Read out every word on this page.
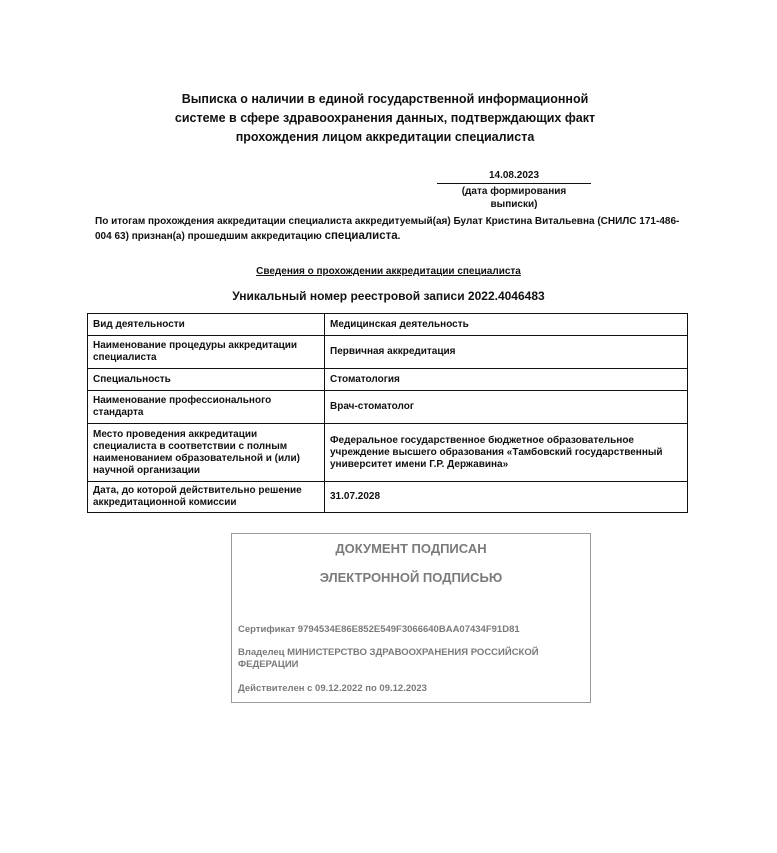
Выписка о наличии в единой государственной информационной
системе в сфере здравоохранения данных, подтверждающих факт
прохождения лицом аккредитации специалиста
14.08.2023
(дата формирования выписки)
По итогам прохождения аккредитации специалиста аккредитуемый(ая) Булат Кристина Витальевна (СНИЛС 171-486-004 63) признан(а) прошедшим аккредитацию специалиста.
Сведения о прохождении аккредитации специалиста
Уникальный номер реестровой записи 2022.4046483
Вид деятельности	Медицинская деятельность
Наименование процедуры аккредитации специалиста	Первичная аккредитация
Специальность	Стоматология
Наименование профессионального стандарта	Врач-стоматолог
Место проведения аккредитации специалиста в соответствии с полным наименованием образовательной и (или) научной организации	Федеральное государственное бюджетное образовательное учреждение высшего образования «Тамбовский государственный университет имени Г.Р. Державина»
Дата, до которой действительно решение аккредитационной комиссии	31.07.2028
ДОКУМЕНТ ПОДПИСАН
ЭЛЕКТРОННОЙ ПОДПИСЬЮ
Сертификат 9794534E86E852E549F3066640BAA07434F91D81
Владелец МИНИСТЕРСТВО ЗДРАВООХРАНЕНИЯ РОССИЙСКОЙ ФЕДЕРАЦИИ
Действителен с 09.12.2022 по 09.12.2023
